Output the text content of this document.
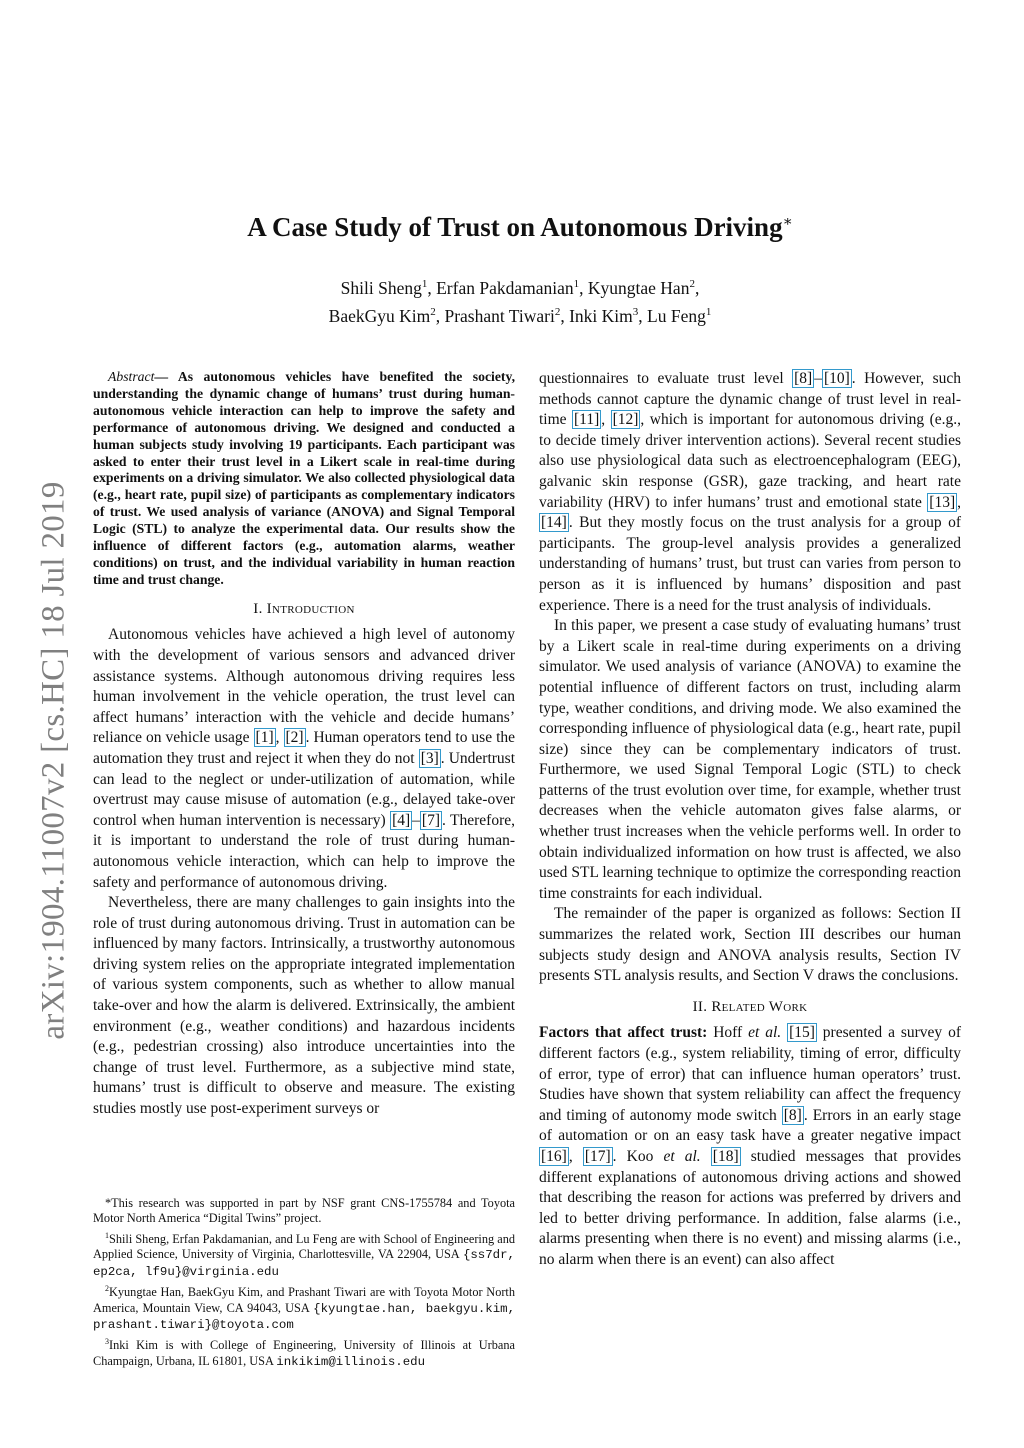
arXiv:1904.11007v2 [cs.HC] 18 Jul 2019
A Case Study of Trust on Autonomous Driving∗
Shili Sheng$^1$, Erfan Pakdamanian$^1$, Kyungtae Han$^2$,
BaekGyu Kim$^2$, Prashant Tiwari$^2$, Inki Kim$^3$, Lu Feng$^1$

Abstract— As autonomous vehicles have benefited the society, understanding the dynamic change of humans’ trust during human-autonomous vehicle interaction can help to improve the safety and performance of autonomous driving. We designed and conducted a human subjects study involving 19 participants. Each participant was asked to enter their trust level in a Likert scale in real-time during experiments on a driving simulator. We also collected physiological data (e.g., heart rate, pupil size) of participants as complementary indicators of trust. We used analysis of variance (ANOVA) and Signal Temporal Logic (STL) to analyze the experimental data. Our results show the influence of different factors (e.g., automation alarms, weather conditions) on trust, and the individual variability in human reaction time and trust change.

I. Introduction

Autonomous vehicles have achieved a high level of autonomy with the development of various sensors and advanced driver assistance systems. Although autonomous driving requires less human involvement in the vehicle operation, the trust level can affect humans’ interaction with the vehicle and decide humans’ reliance on vehicle usage [1] , [2] . Human operators tend to use the automation they trust and reject it when they do not [3] . Undertrust can lead to the neglect or under-utilization of automation, while overtrust may cause misuse of automation (e.g., delayed take-over control when human intervention is necessary) [4] – [7] . Therefore, it is important to understand the role of trust during human-autonomous vehicle interaction, which can help to improve the safety and performance of autonomous driving.

Nevertheless, there are many challenges to gain insights into the role of trust during autonomous driving. Trust in automation can be influenced by many factors. Intrinsically, a trustworthy autonomous driving system relies on the appropriate integrated implementation of various system components, such as whether to allow manual take-over and how the alarm is delivered. Extrinsically, the ambient environment (e.g., weather conditions) and hazardous incidents (e.g., pedestrian crossing) also introduce uncertainties into the change of trust level. Furthermore, as a subjective mind state, humans’ trust is difficult to observe and measure. The existing studies mostly use post-experiment surveys or

questionnaires to evaluate trust level [8] – [10] . However, such methods cannot capture the dynamic change of trust level in real-time [11] , [12] , which is important for autonomous driving (e.g., to decide timely driver intervention actions). Several recent studies also use physiological data such as electroencephalogram (EEG), galvanic skin response (GSR), gaze tracking, and heart rate variability (HRV) to infer humans’ trust and emotional state [13] , [14] . But they mostly focus on the trust analysis for a group of participants. The group-level analysis provides a generalized understanding of humans’ trust, but trust can varies from person to person as it is influenced by humans’ disposition and past experience. There is a need for the trust analysis of individuals.

In this paper, we present a case study of evaluating humans’ trust by a Likert scale in real-time during experiments on a driving simulator. We used analysis of variance (ANOVA) to examine the potential influence of different factors on trust, including alarm type, weather conditions, and driving mode. We also examined the corresponding influence of physiological data (e.g., heart rate, pupil size) since they can be complementary indicators of trust. Furthermore, we used Signal Temporal Logic (STL) to check patterns of the trust evolution over time, for example, whether trust decreases when the vehicle automaton gives false alarms, or whether trust increases when the vehicle performs well. In order to obtain individualized information on how trust is affected, we also used STL learning technique to optimize the corresponding reaction time constraints for each individual.

The remainder of the paper is organized as follows: Section II summarizes the related work, Section III describes our human subjects study design and ANOVA analysis results, Section IV presents STL analysis results, and Section V draws the conclusions.

II. Related Work

Factors that affect trust: Hoff et al. [15] presented a survey of different factors (e.g., system reliability, timing of error, difficulty of error, type of error) that can influence human operators’ trust. Studies have shown that system reliability can affect the frequency and timing of autonomy mode switch [8] . Errors in an early stage of automation or on an easy task have a greater negative impact [16] , [17] . Koo et al. [18] studied messages that provides different explanations of autonomous driving actions and showed that describing the reason for actions was preferred by drivers and led to better driving performance. In addition, false alarms (i.e., alarms presenting when there is no event) and missing alarms (i.e., no alarm when there is an event) can also affect

*This research was supported in part by NSF grant CNS-1755784 and Toyota Motor North America “Digital Twins” project.

$^1$Shili Sheng, Erfan Pakdamanian, and Lu Feng are with School of Engineering and Applied Science, University of Virginia, Charlottesville, VA 22904, USA {ss7dr, ep2ca, lf9u}@virginia.edu

$^2$Kyungtae Han, BaekGyu Kim, and Prashant Tiwari are with Toyota Motor North America, Mountain View, CA 94043, USA {kyungtae.han, baekgyu.kim, prashant.tiwari}@toyota.com

$^3$Inki Kim is with College of Engineering, University of Illinois at Urbana Champaign, Urbana, IL 61801, USA inkikim@illinois.edu
